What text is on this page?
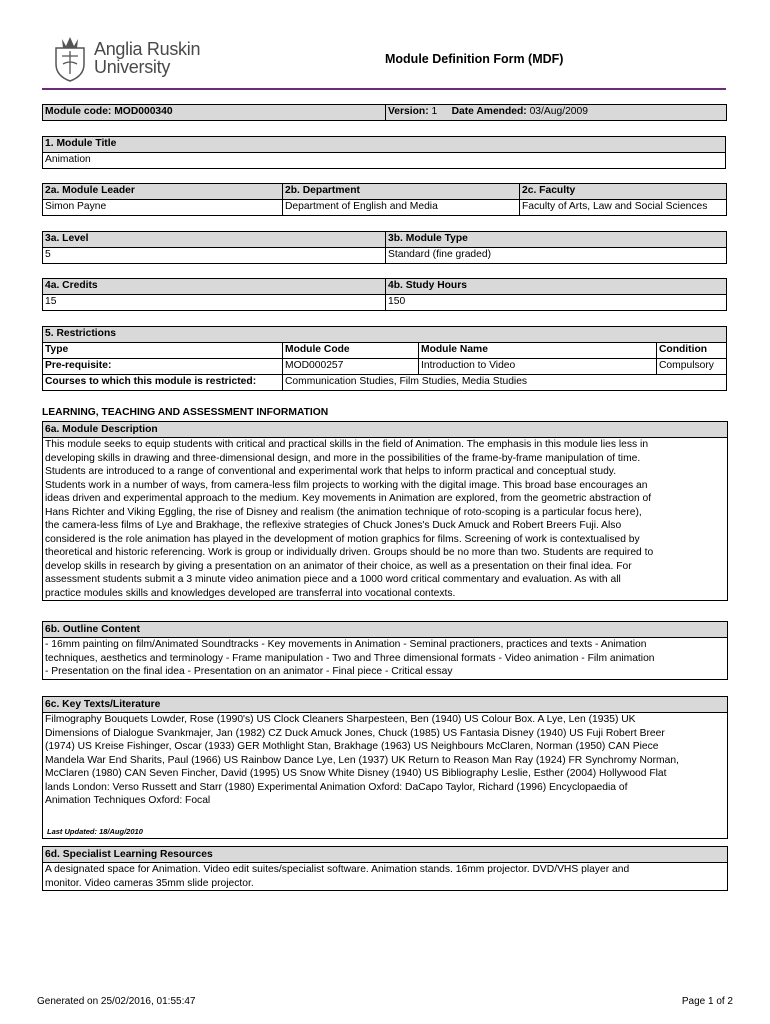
Anglia Ruskin
University	Module Definition Form (MDF)
Module code: MOD000340	Version: 1 Date Amended: 03/Aug/2009
1. Module Title
Animation
2a. Module Leader	2b. Department	2c. Faculty
Simon Payne	Department of English and Media	Faculty of Arts, Law and Social Sciences
3a. Level	3b. Module Type
5	Standard (fine graded)
4a. Credits	4b. Study Hours
15	150
5. Restrictions			
Type	Module Code	Module Name	Condition
Pre-requisite:	MOD000257	Introduction to Video	Compulsory
Courses to which this module is restricted:	Communication Studies, Film Studies, Media Studies		
LEARNING, TEACHING AND ASSESSMENT INFORMATION
6a. Module Description
This module seeks to equip students with critical and practical skills in the field of Animation. The emphasis in this module lies less in
developing skills in drawing and three-dimensional design, and more in the possibilities of the frame-by-frame manipulation of time.
Students are introduced to a range of conventional and experimental work that helps to inform practical and conceptual study.
Students work in a number of ways, from camera-less film projects to working with the digital image. This broad base encourages an
ideas driven and experimental approach to the medium. Key movements in Animation are explored, from the geometric abstraction of
Hans Richter and Viking Eggling, the rise of Disney and realism (the animation technique of roto-scoping is a particular focus here),
the camera-less films of Lye and Brakhage, the reflexive strategies of Chuck Jones's Duck Amuck and Robert Breers Fuji. Also
considered is the role animation has played in the development of motion graphics for films. Screening of work is contextualised by
theoretical and historic referencing. Work is group or individually driven. Groups should be no more than two. Students are required to
develop skills in research by giving a presentation on an animator of their choice, as well as a presentation on their final idea. For
assessment students submit a 3 minute video animation piece and a 1000 word critical commentary and evaluation. As with all
practice modules skills and knowledges developed are transferral into vocational contexts.
6b. Outline Content
- 16mm painting on film/Animated Soundtracks - Key movements in Animation - Seminal practioners, practices and texts - Animation
techniques, aesthetics and terminology - Frame manipulation - Two and Three dimensional formats - Video animation - Film animation
- Presentation on the final idea - Presentation on an animator - Final piece - Critical essay
6c. Key Texts/Literature
Filmography Bouquets Lowder, Rose (1990's) US Clock Cleaners Sharpesteen, Ben (1940) US Colour Box. A Lye, Len (1935) UK
Dimensions of Dialogue Svankmajer, Jan (1982) CZ Duck Amuck Jones, Chuck (1985) US Fantasia Disney (1940) US Fuji Robert Breer
(1974) US Kreise Fishinger, Oscar (1933) GER Mothlight Stan, Brakhage (1963) US Neighbours McClaren, Norman (1950) CAN Piece
Mandela War End Sharits, Paul (1966) US Rainbow Dance Lye, Len (1937) UK Return to Reason Man Ray (1924) FR Synchromy Norman,
McClaren (1980) CAN Seven Fincher, David (1995) US Snow White Disney (1940) US Bibliography Leslie, Esther (2004) Hollywood Flat
lands London: Verso Russett and Starr (1980) Experimental Animation Oxford: DaCapo Taylor, Richard (1996) Encyclopaedia of
Animation Techniques Oxford: Focal
Last Updated: 18/Aug/2010
6d. Specialist Learning Resources
A designated space for Animation. Video edit suites/specialist software. Animation stands. 16mm projector. DVD/VHS player and
monitor. Video cameras 35mm slide projector.
Generated on 25/02/2016, 01:55:47	Page 1 of 2
